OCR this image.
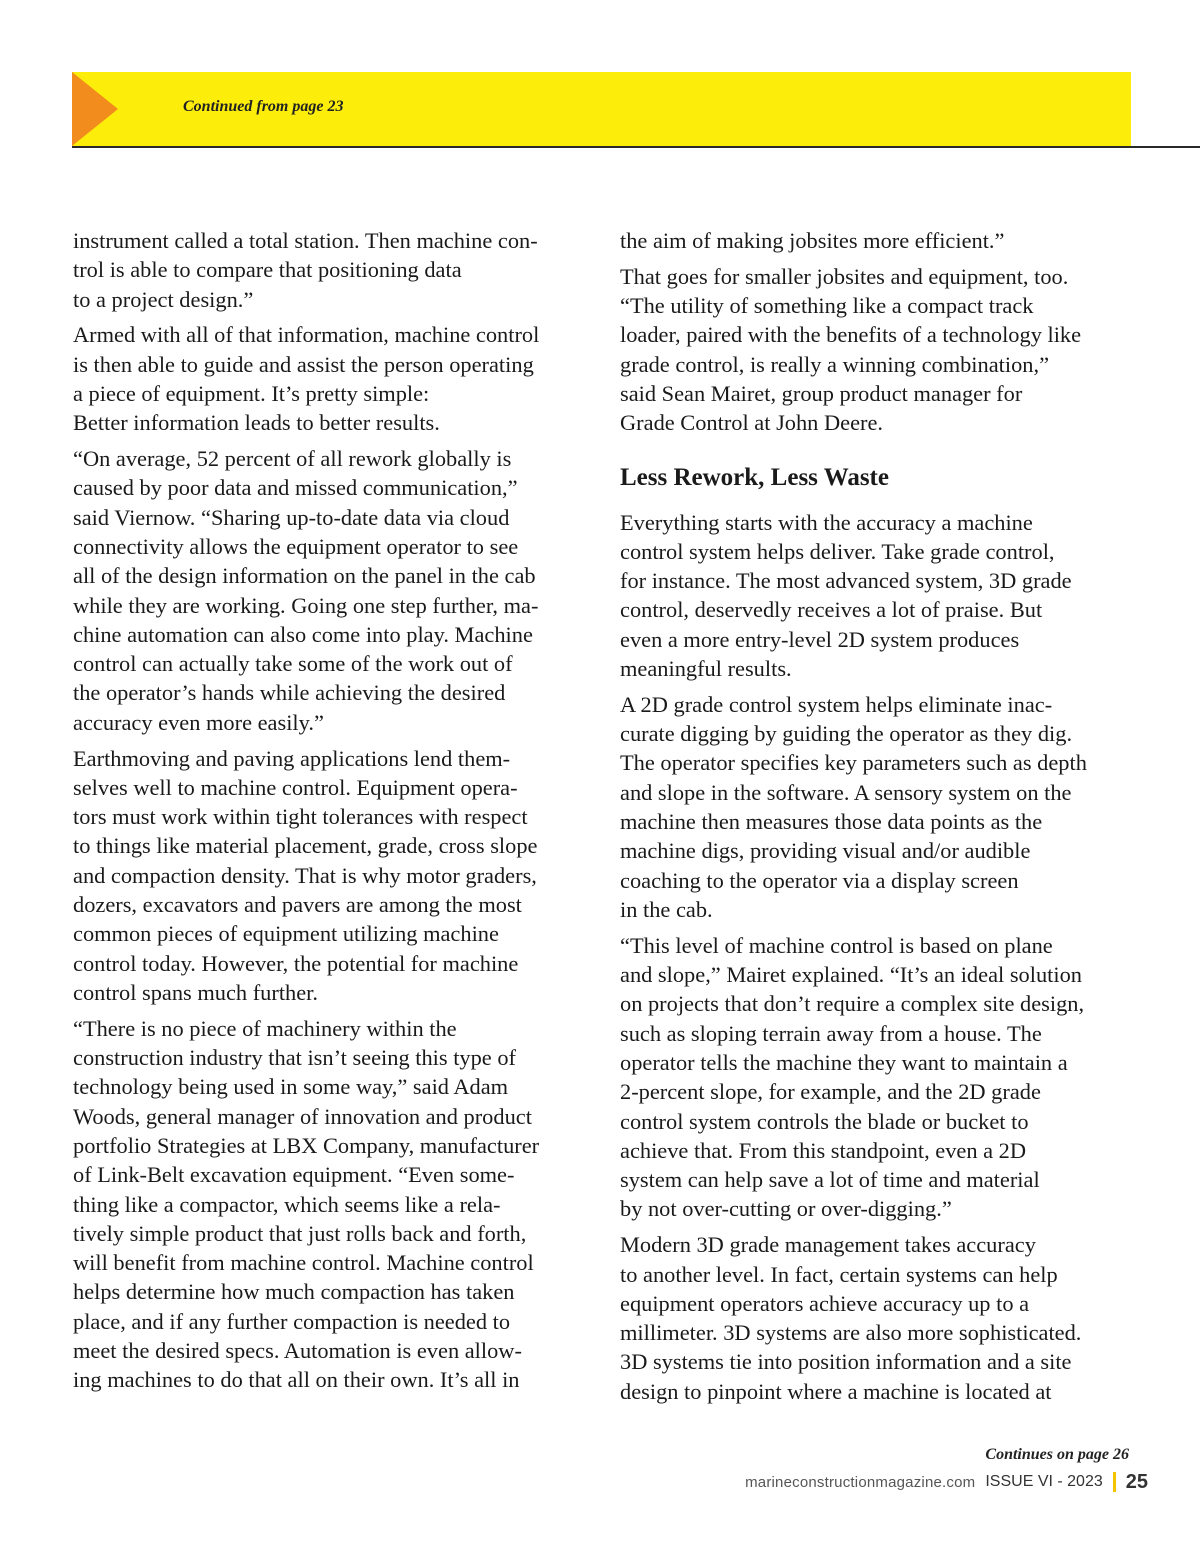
Continued from page 23

instrument called a total station. Then machine con-
trol is able to compare that positioning data
to a project design.”

Armed with all of that information, machine control
is then able to guide and assist the person operating
a piece of equipment. It’s pretty simple:
Better information leads to better results.

“On average, 52 percent of all rework globally is
caused by poor data and missed communication,”
said Viernow. “Sharing up-to-date data via cloud
connectivity allows the equipment operator to see
all of the design information on the panel in the cab
while they are working. Going one step further, ma-
chine automation can also come into play. Machine
control can actually take some of the work out of
the operator’s hands while achieving the desired
accuracy even more easily.”

Earthmoving and paving applications lend them-
selves well to machine control. Equipment opera-
tors must work within tight tolerances with respect
to things like material placement, grade, cross slope
and compaction density. That is why motor graders,
dozers, excavators and pavers are among the most
common pieces of equipment utilizing machine
control today. However, the potential for machine
control spans much further.

“There is no piece of machinery within the
construction industry that isn’t seeing this type of
technology being used in some way,” said Adam
Woods, general manager of innovation and product
portfolio Strategies at LBX Company, manufacturer
of Link-Belt excavation equipment. “Even some-
thing like a compactor, which seems like a rela-
tively simple product that just rolls back and forth,
will benefit from machine control. Machine control
helps determine how much compaction has taken
place, and if any further compaction is needed to
meet the desired specs. Automation is even allow-
ing machines to do that all on their own. It’s all in

the aim of making jobsites more efficient.”

That goes for smaller jobsites and equipment, too.
“The utility of something like a compact track
loader, paired with the benefits of a technology like
grade control, is really a winning combination,”
said Sean Mairet, group product manager for
Grade Control at John Deere.

Less Rework, Less Waste

Everything starts with the accuracy a machine
control system helps deliver. Take grade control,
for instance. The most advanced system, 3D grade
control, deservedly receives a lot of praise. But
even a more entry-level 2D system produces
meaningful results.

A 2D grade control system helps eliminate inac-
curate digging by guiding the operator as they dig.
The operator specifies key parameters such as depth
and slope in the software. A sensory system on the
machine then measures those data points as the
machine digs, providing visual and/or audible
coaching to the operator via a display screen
in the cab.

“This level of machine control is based on plane
and slope,” Mairet explained. “It’s an ideal solution
on projects that don’t require a complex site design,
such as sloping terrain away from a house. The
operator tells the machine they want to maintain a
2-percent slope, for example, and the 2D grade
control system controls the blade or bucket to
achieve that. From this standpoint, even a 2D
system can help save a lot of time and material
by not over-cutting or over-digging.”

Modern 3D grade management takes accuracy
to another level. In fact, certain systems can help
equipment operators achieve accuracy up to a
millimeter. 3D systems are also more sophisticated.
3D systems tie into position information and a site
design to pinpoint where a machine is located at

Continues on page 26
marineconstructionmagazine.com ISSUE VI - 2023 25
